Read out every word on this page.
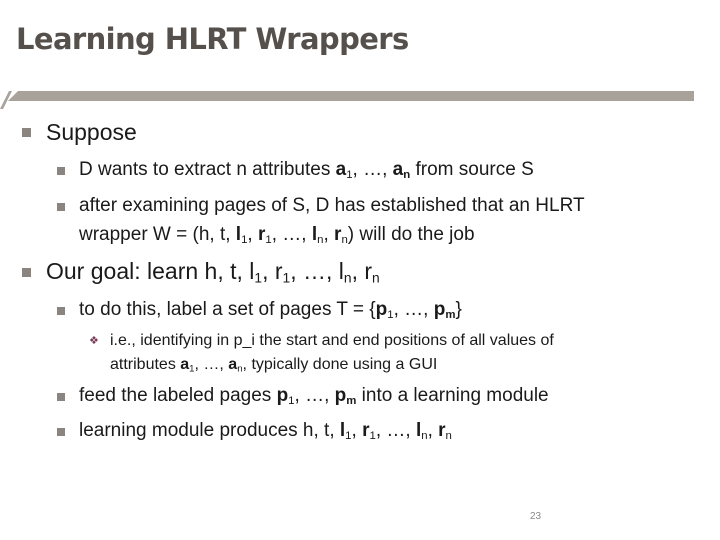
Learning HLRT Wrappers
Suppose
D wants to extract n attributes $a_1$, …, $a_n$ from source S
after examining pages of S, D has established that an HLRT
wrapper W = (h, t, $l_1$, $r_1$, …, $l_n$, $r_n$) will do the job
Our goal: learn h, t, $l_1$, $r_1$, …, $l_n$, $r_n$
to do this, label a set of pages $T = \{p_1$, …, $p_m$}
❖ i.e., identifying in p_i the start and end positions of all values of
attributes $a_1$, …, $a_n$, typically done using a GUI
feed the labeled pages $p_1$, …, $p_m$ into a learning module
learning module produces h, t, $l_1$, $r_1$, …, $l_n$, $r_n$
23
